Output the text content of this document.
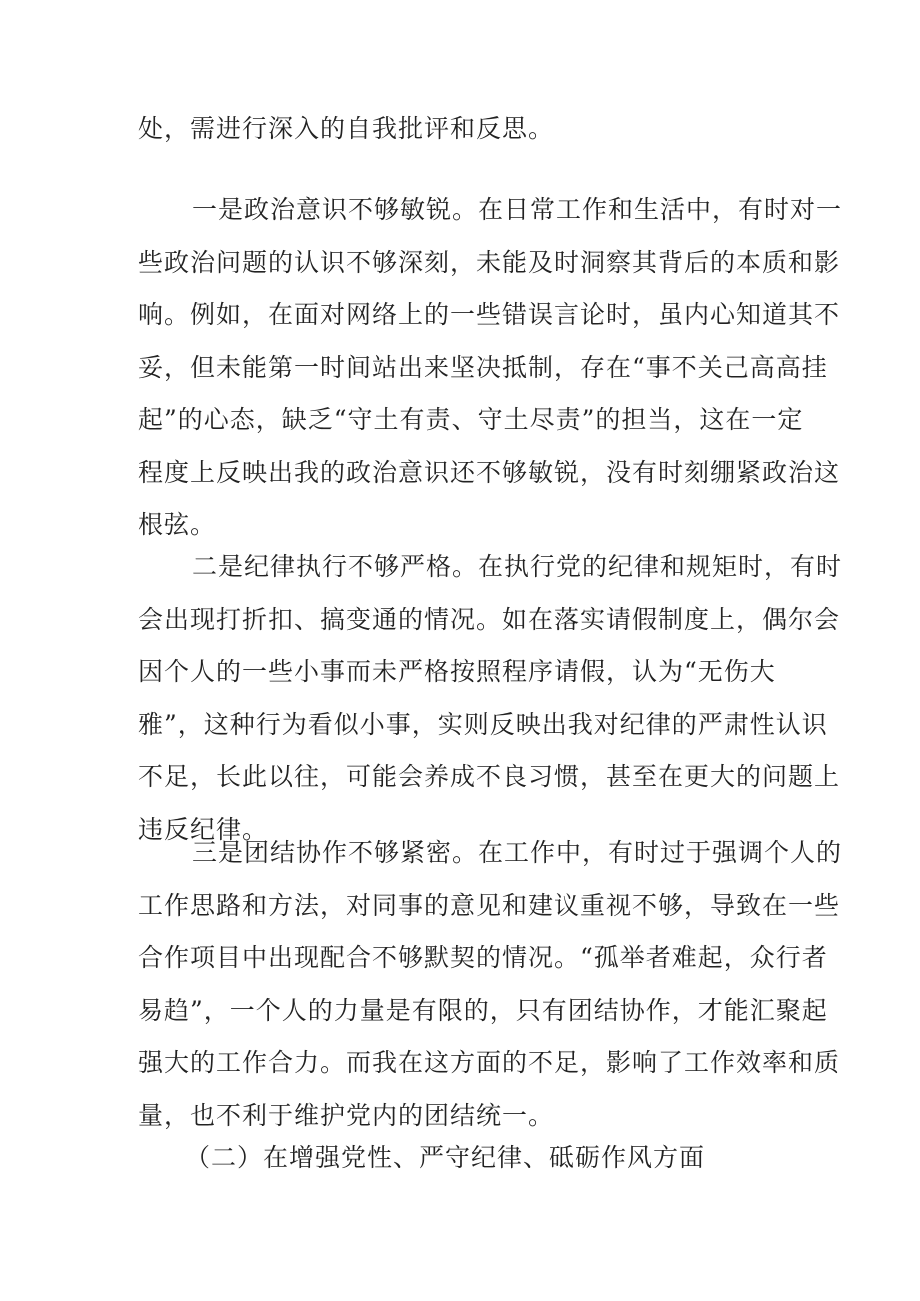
处，需进行深入的自我批评和反思。
一是政治意识不够敏锐。在日常工作和生活中，有时对一
些政治问题的认识不够深刻，未能及时洞察其背后的本质和影
响。例如，在面对网络上的一些错误言论时，虽内心知道其不
妥，但未能第一时间站出来坚决抵制，存在“事不关己高高挂
起”的心态，缺乏“守土有责、守土尽责”的担当，这在一定
程度上反映出我的政治意识还不够敏锐，没有时刻绷紧政治这
根弦。
二是纪律执行不够严格。在执行党的纪律和规矩时，有时
会出现打折扣、搞变通的情况。如在落实请假制度上，偶尔会
因个人的一些小事而未严格按照程序请假，认为“无伤大
雅”，这种行为看似小事，实则反映出我对纪律的严肃性认识
不足，长此以往，可能会养成不良习惯，甚至在更大的问题上
违反纪律。
三是团结协作不够紧密。在工作中，有时过于强调个人的
工作思路和方法，对同事的意见和建议重视不够，导致在一些
合作项目中出现配合不够默契的情况。“孤举者难起，众行者
易趋”，一个人的力量是有限的，只有团结协作，才能汇聚起
强大的工作合力。而我在这方面的不足，影响了工作效率和质
量，也不利于维护党内的团结统一。
（二）在增强党性、严守纪律、砥砺作风方面
